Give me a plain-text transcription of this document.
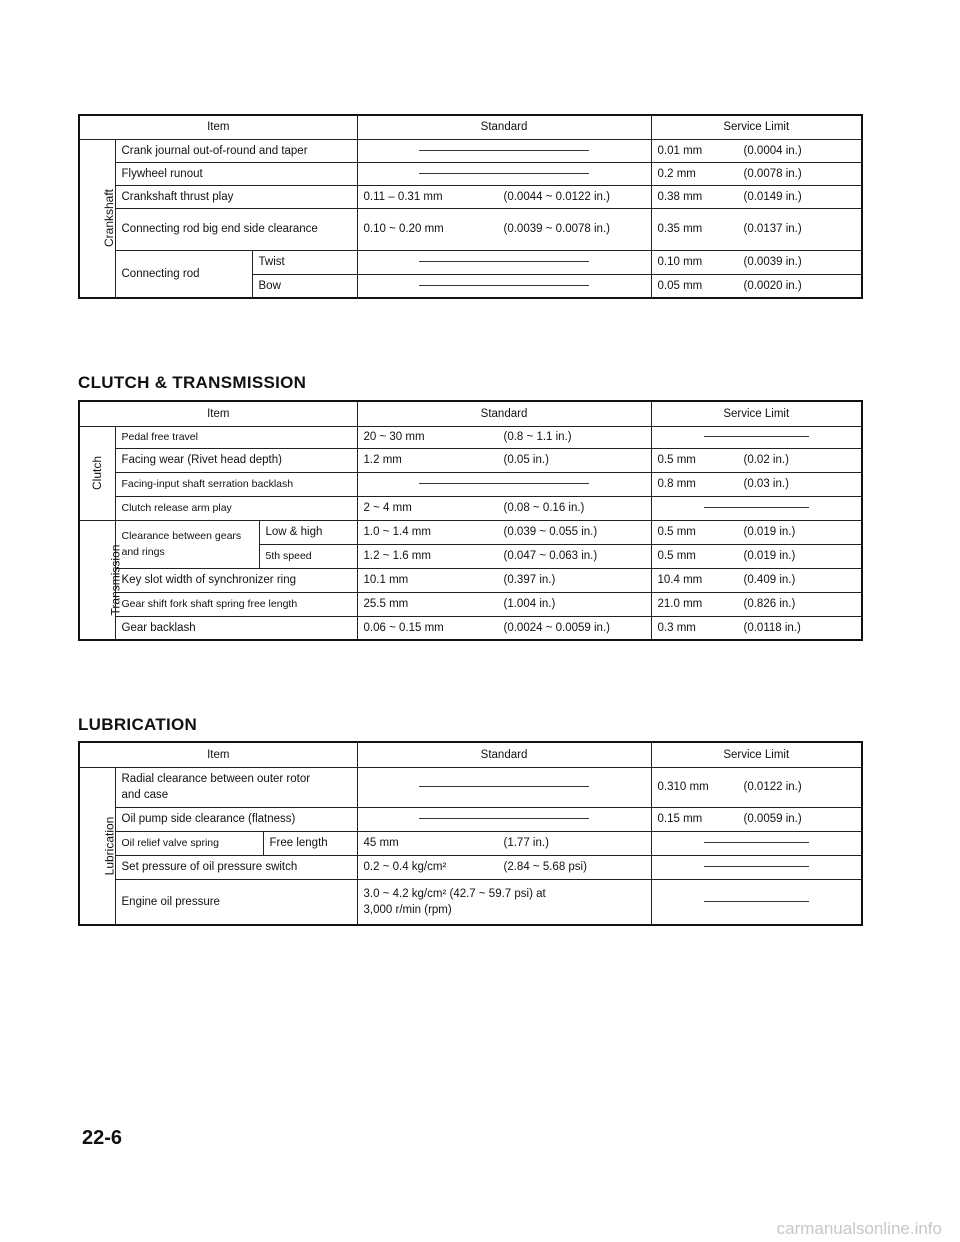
Item			Standard	Service Limit
Crankshaft	Crank journal out-of-round and taper			0.01 mm (0.0004 in.)
	Flywheel runout			0.2 mm (0.0078 in.)
	Crankshaft thrust play		0.11 – 0.31 mm (0.0044 ~ 0.0122 in.)	0.38 mm (0.0149 in.)
	Connecting rod big end side clearance		0.10 ~ 0.20 mm (0.0039 ~ 0.0078 in.)	0.35 mm (0.0137 in.)
	Connecting rod	Twist		0.10 mm (0.0039 in.)
		Bow		0.05 mm (0.0020 in.)
CLUTCH & TRANSMISSION
Item			Standard	Service Limit
Clutch	Pedal free travel		20 ~ 30 mm (0.8 ~ 1.1 in.)	
	Facing wear (Rivet head depth)		1.2 mm (0.05 in.)	0.5 mm (0.02 in.)
	Facing-input shaft serration backlash			0.8 mm (0.03 in.)
	Clutch release arm play		2 ~ 4 mm (0.08 ~ 0.16 in.)	
Transmission	Clearance between gears and rings	Low & high	1.0 ~ 1.4 mm (0.039 ~ 0.055 in.)	0.5 mm (0.019 in.)
		5th speed	1.2 ~ 1.6 mm (0.047 ~ 0.063 in.)	0.5 mm (0.019 in.)
	Key slot width of synchronizer ring		10.1 mm (0.397 in.)	10.4 mm (0.409 in.)
	Gear shift fork shaft spring free length		25.5 mm (1.004 in.)	21.0 mm (0.826 in.)
	Gear backlash		0.06 ~ 0.15 mm (0.0024 ~ 0.0059 in.)	0.3 mm (0.0118 in.)
LUBRICATION
Item			Standard	Service Limit
Lubrication	Radial clearance between outer rotor and case			0.310 mm (0.0122 in.)
	Oil pump side clearance (flatness)			0.15 mm (0.0059 in.)
	Oil relief valve spring	Free length	45 mm (1.77 in.)	
	Set pressure of oil pressure switch		0.2 ~ 0.4 kg/cm² (2.84 ~ 5.68 psi)	
	Engine oil pressure		3.0 ~ 4.2 kg/cm² (42.7 ~ 59.7 psi) at 3,000 r/min (rpm)	
22-6
carmanualsonline.info
